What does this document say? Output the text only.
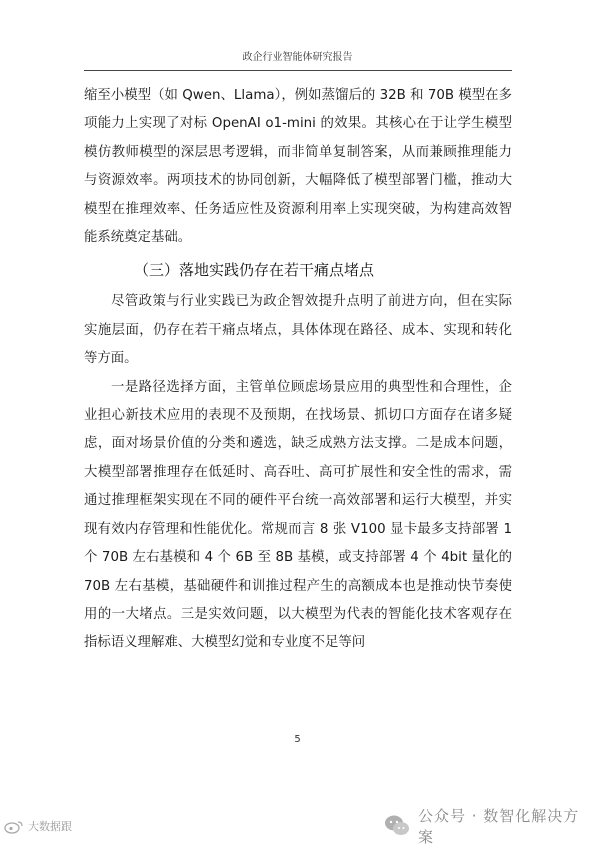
政企行业智能体研究报告

缩至小模型（如 Qwen、Llama），例如蒸馏后的 32B 和 70B 模型在多项能力上实现了对标 OpenAI o1-mini 的效果。其核心在于让学生模型模仿教师模型的深层思考逻辑，而非简单复制答案，从而兼顾推理能力与资源效率。两项技术的协同创新，大幅降低了模型部署门槛，推动大模型在推理效率、任务适应性及资源利用率上实现突破，为构建高效智能系统奠定基础。

（三）落地实践仍存在若干痛点堵点

尽管政策与行业实践已为政企智效提升点明了前进方向，但在实际实施层面，仍存在若干痛点堵点，具体体现在路径、成本、实现和转化等方面。

一是路径选择方面，主管单位顾虑场景应用的典型性和合理性，企业担心新技术应用的表现不及预期，在找场景、抓切口方面存在诸多疑虑，面对场景价值的分类和遴选，缺乏成熟方法支撑。二是成本问题，大模型部署推理存在低延时、高吞吐、高可扩展性和安全性的需求，需通过推理框架实现在不同的硬件平台统一高效部署和运行大模型，并实现有效内存管理和性能优化。常规而言 8 张 V100 显卡最多支持部署 1 个 70B 左右基模和 4 个 6B 至 8B 基模，或支持部署 4 个 4bit 量化的 70B 左右基模，基础硬件和训推过程产生的高额成本也是推动快节奏使用的一大堵点。三是实效问题，以大模型为代表的智能化技术客观存在指标语义理解难、大模型幻觉和专业度不足等问

5
公众号 · 数智化解决方案
大数据跟
